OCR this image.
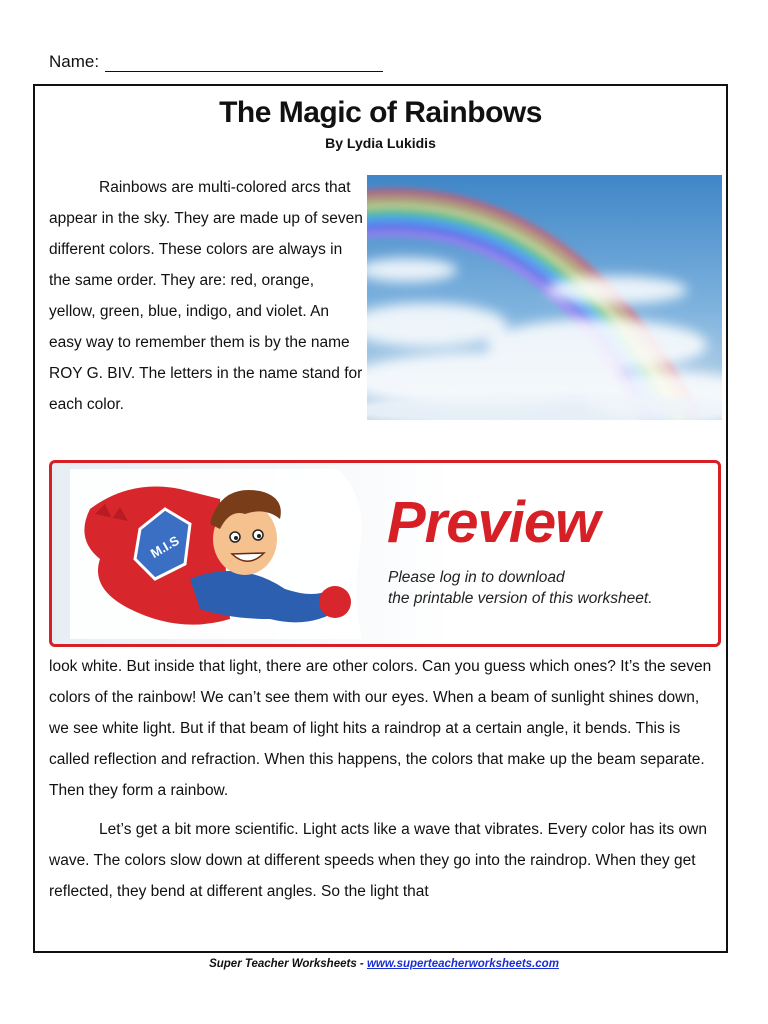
Name:
The Magic of Rainbows
By Lydia Lukidis

Rainbows are multi-colored arcs that appear in the sky. They are made up of seven different colors. These colors are always in the same order. They are: red, orange, yellow, green, blue, indigo, and violet. An easy way to remember them is by the name ROY G. BIV. The letters in the name stand for each color.

M.I.S	Preview
Please log in to download
the printable version of this worksheet.

look white. But inside that light, there are other colors. Can you guess which ones? It’s the seven colors of the rainbow! We can’t see them with our eyes. When a beam of sunlight shines down, we see white light. But if that beam of light hits a raindrop at a certain angle, it bends. This is called reflection and refraction. When this happens, the colors that make up the beam separate. Then they form a rainbow.

Let’s get a bit more scientific. Light acts like a wave that vibrates. Every color has its own wave. The colors slow down at different speeds when they go into the raindrop. When they get reflected, they bend at different angles. So the light that

Super Teacher Worksheets - www.superteacherworksheets.com
